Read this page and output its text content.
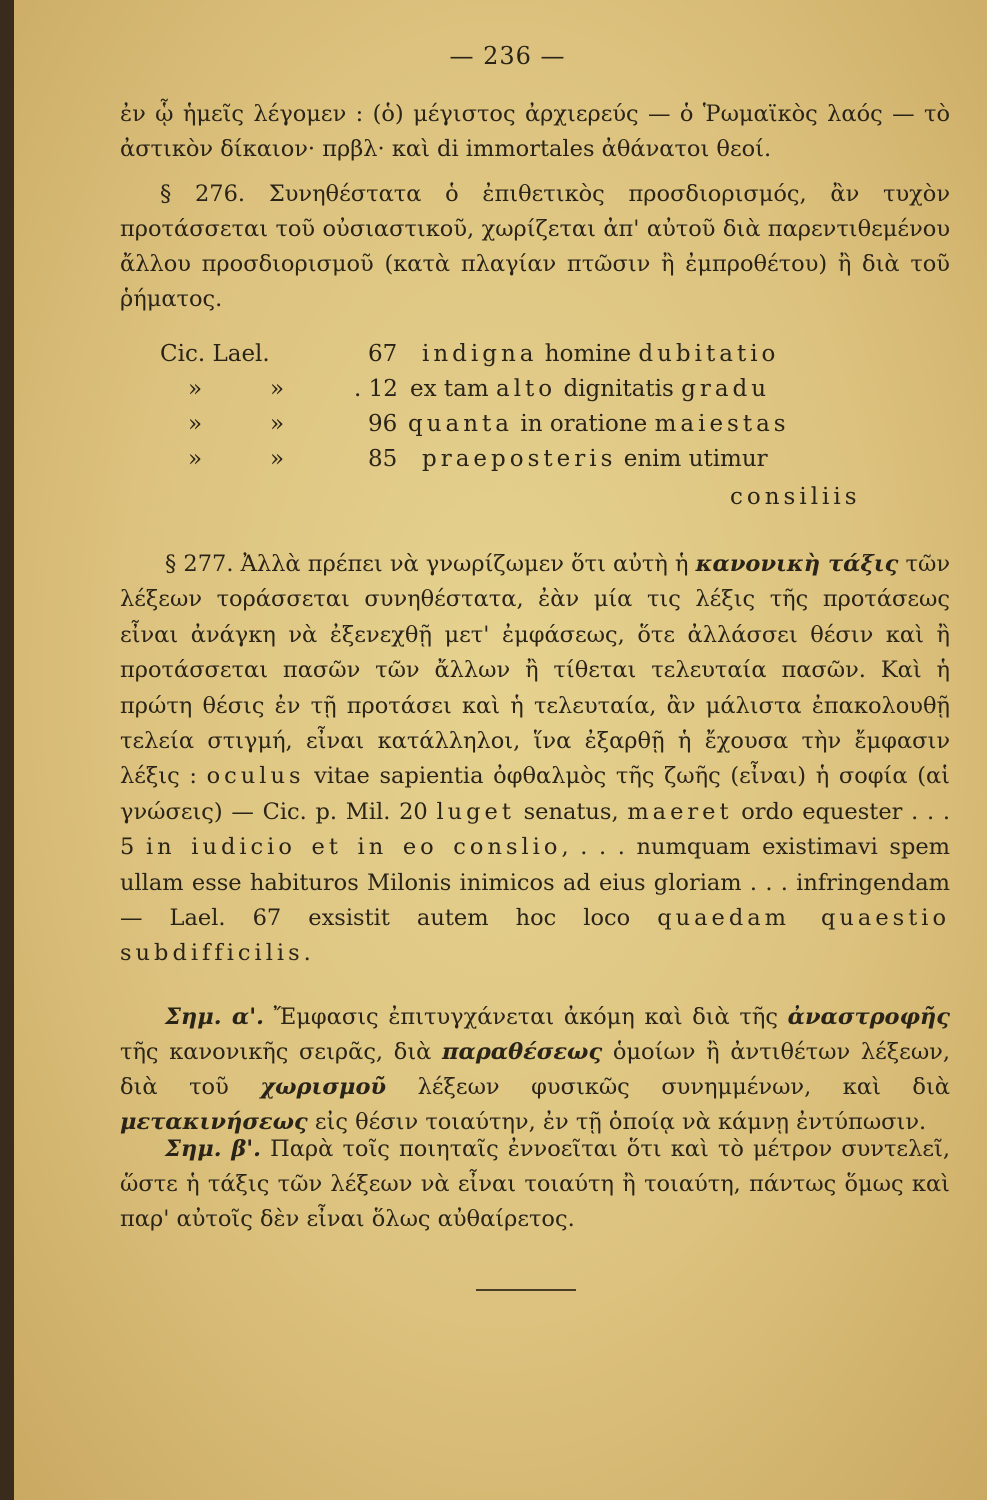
— 236 —
ἐν ᾧ ἡμεῖς λέγομεν : (ὁ) μέγιστος ἀρχιερεύς — ὁ Ῥωμαϊκὸς λαός — τὸ ἀστικὸν δίκαιον· πρβλ· καὶ di immortales ἀθάνατοι θεοί.
§ 276. Συνηθέστατα ὁ ἐπιθετικὸς προσδιορισμός, ἂν τυχὸν προτάσσεται τοῦ οὐσιαστικοῦ, χωρίζεται ἀπ' αὐτοῦ διὰ παρεντιθεμένου ἄλλου προσδιορισμοῦ (κατὰ πλαγίαν πτῶσιν ἢ ἐμπροθέτου) ἢ διὰ τοῦ ῥήματος.
Cic. Lael.	67 indigna homine dubitatio
»	»	. 12 ex tam alto dignitatis gradu
»	»	96 quanta in oratione maiestas
»	»	85 praeposteris enim utimur
consiliis
§ 277. Ἀλλὰ πρέπει νὰ γνωρίζωμεν ὅτι αὐτὴ ἡ κανονικὴ τάξις τῶν λέξεων τοράσσεται συνηθέστατα, ἐὰν μία τις λέξις τῆς προτάσεως εἶναι ἀνάγκη νὰ ἐξενεχθῇ μετ' ἐμφάσεως, ὅτε ἀλλάσσει θέσιν καὶ ἢ προτάσσεται πασῶν τῶν ἄλλων ἢ τίθεται τελευταία πασῶν. Καὶ ἡ πρώτη θέσις ἐν τῇ προτάσει καὶ ἡ τελευταία, ἂν μάλιστα ἐπακολουθῇ τελεία στιγμή, εἶναι κατάλληλοι, ἵνα ἐξαρθῇ ἡ ἔχουσα τὴν ἔμφασιν λέξις : oculus vitae sapientia ὀφθαλμὸς τῆς ζωῆς (εἶναι) ἡ σοφία (αἱ γνώσεις) — Cic. p. Mil. 20 luget senatus, maeret ordo equester . . . 5 in iudicio et in eo conslio, . . . numquam existimavi spem ullam esse habituros Milonis inimicos ad eius gloriam . . . infringendam — Lael. 67 exsistit autem hoc loco quaedam quaestio subdifficilis.
Σημ. α'. Ἔμφασις ἐπιτυγχάνεται ἀκόμη καὶ διὰ τῆς ἀναστροφῆς τῆς κανονικῆς σειρᾶς, διὰ παραθέσεως ὁμοίων ἢ ἀντιθέτων λέξεων, διὰ τοῦ χωρισμοῦ λέξεων φυσικῶς συνημμένων, καὶ διὰ μετακινήσεως εἰς θέσιν τοιαύτην, ἐν τῇ ὁποίᾳ νὰ κάμνῃ ἐντύπωσιν.
Σημ. β'. Παρὰ τοῖς ποιηταῖς ἐννοεῖται ὅτι καὶ τὸ μέτρον συντελεῖ, ὥστε ἡ τάξις τῶν λέξεων νὰ εἶναι τοιαύτη ἢ τοιαύτη, πάντως ὅμως καὶ παρ' αὐτοῖς δὲν εἶναι ὅλως αὐθαίρετος.
